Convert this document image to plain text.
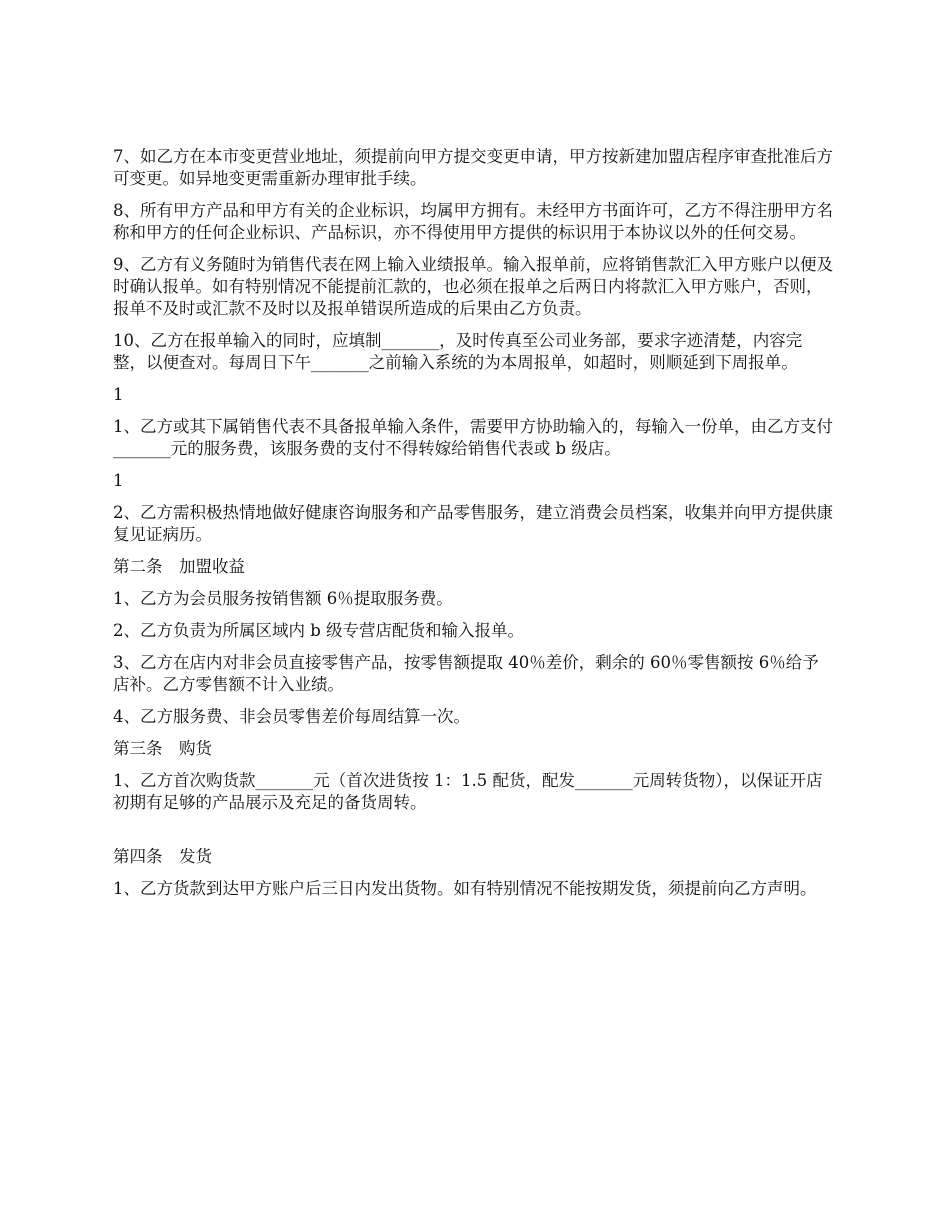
7、如乙方在本市变更营业地址，须提前向甲方提交变更申请，甲方按新建加盟店程序审查批准后方可变更。如异地变更需重新办理审批手续。

8、所有甲方产品和甲方有关的企业标识，均属甲方拥有。未经甲方书面许可，乙方不得注册甲方名称和甲方的任何企业标识、产品标识，亦不得使用甲方提供的标识用于本协议以外的任何交易。

9、乙方有义务随时为销售代表在网上输入业绩报单。输入报单前，应将销售款汇入甲方账户以便及时确认报单。如有特别情况不能提前汇款的，也必须在报单之后两日内将款汇入甲方账户，否则，报单不及时或汇款不及时以及报单错误所造成的后果由乙方负责。

10、乙方在报单输入的同时，应填制_______，及时传真至公司业务部，要求字迹清楚，内容完整，以便查对。每周日下午_______之前输入系统的为本周报单，如超时，则顺延到下周报单。

1

1、乙方或其下属销售代表不具备报单输入条件，需要甲方协助输入的，每输入一份单，由乙方支付_______元的服务费，该服务费的支付不得转嫁给销售代表或 b 级店。

1

2、乙方需积极热情地做好健康咨询服务和产品零售服务，建立消费会员档案，收集并向甲方提供康复见证病历。

第二条　加盟收益

1、乙方为会员服务按销售额 6％提取服务费。

2、乙方负责为所属区域内 b 级专营店配货和输入报单。

3、乙方在店内对非会员直接零售产品，按零售额提取 40％差价，剩余的 60％零售额按 6％给予店补。乙方零售额不计入业绩。

4、乙方服务费、非会员零售差价每周结算一次。

第三条　购货

1、乙方首次购货款_______元（首次进货按 1：1.5 配货，配发_______元周转货物），以保证开店初期有足够的产品展示及充足的备货周转。

第四条　发货

1、乙方货款到达甲方账户后三日内发出货物。如有特别情况不能按期发货，须提前向乙方声明。
